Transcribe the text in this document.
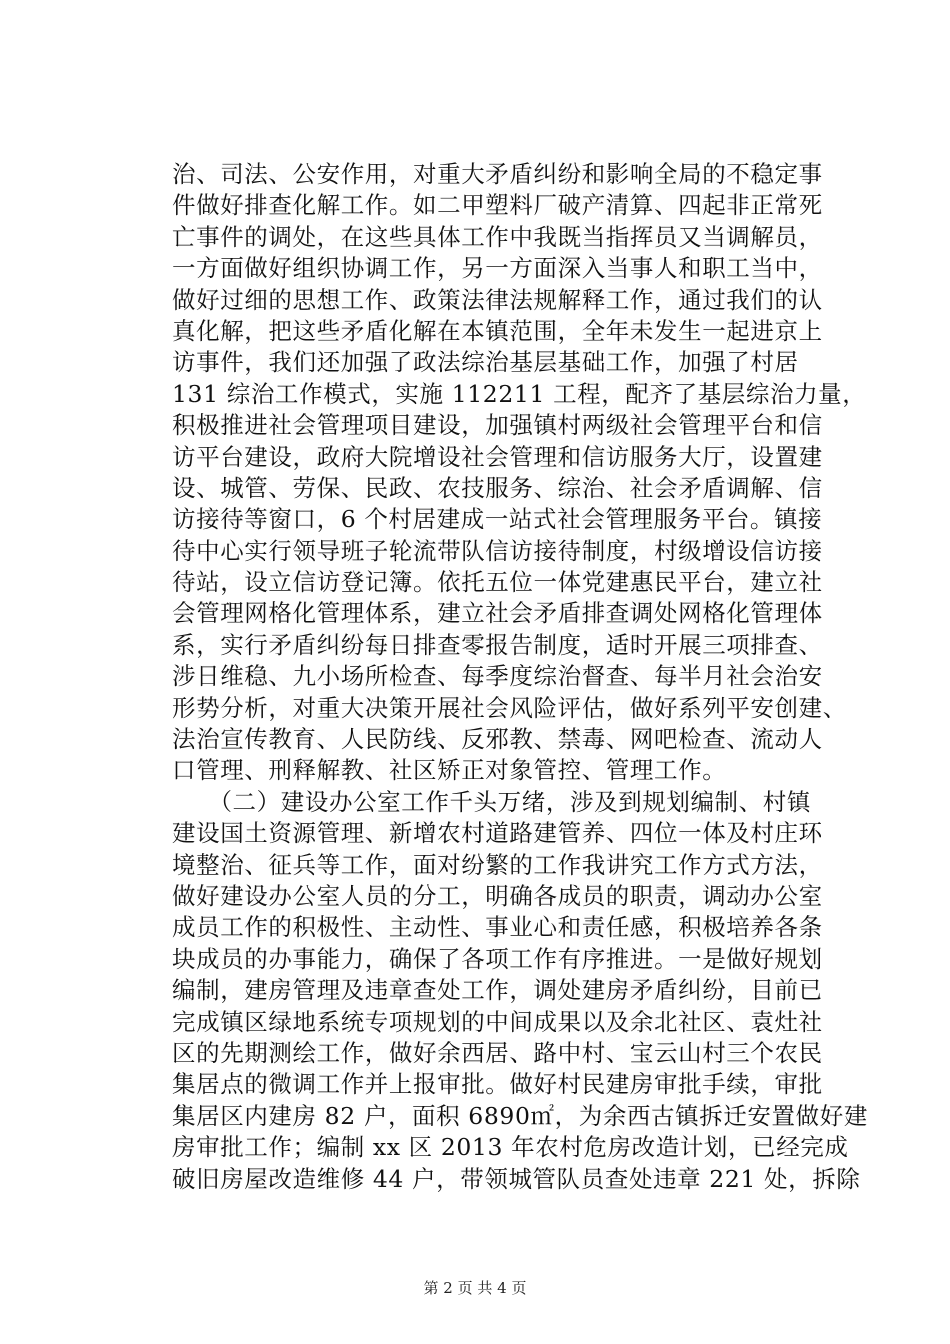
治、司法、公安作用，对重大矛盾纠纷和影响全局的不稳定事
件做好排查化解工作。如二甲塑料厂破产清算、四起非正常死
亡事件的调处，在这些具体工作中我既当指挥员又当调解员，
一方面做好组织协调工作，另一方面深入当事人和职工当中，
做好过细的思想工作、政策法律法规解释工作，通过我们的认
真化解，把这些矛盾化解在本镇范围，全年未发生一起进京上
访事件，我们还加强了政法综治基层基础工作，加强了村居
131 综治工作模式，实施 112211 工程，配齐了基层综治力量，
积极推进社会管理项目建设，加强镇村两级社会管理平台和信
访平台建设，政府大院增设社会管理和信访服务大厅，设置建
设、城管、劳保、民政、农技服务、综治、社会矛盾调解、信
访接待等窗口，6 个村居建成一站式社会管理服务平台。镇接
待中心实行领导班子轮流带队信访接待制度，村级增设信访接
待站，设立信访登记簿。依托五位一体党建惠民平台，建立社
会管理网格化管理体系，建立社会矛盾排查调处网格化管理体
系，实行矛盾纠纷每日排查零报告制度，适时开展三项排查、
涉日维稳、九小场所检查、每季度综治督查、每半月社会治安
形势分析，对重大决策开展社会风险评估，做好系列平安创建、
法治宣传教育、人民防线、反邪教、禁毒、网吧检查、流动人
口管理、刑释解教、社区矫正对象管控、管理工作。
　　（二）建设办公室工作千头万绪，涉及到规划编制、村镇
建设国土资源管理、新增农村道路建管养、四位一体及村庄环
境整治、征兵等工作，面对纷繁的工作我讲究工作方式方法，
做好建设办公室人员的分工，明确各成员的职责，调动办公室
成员工作的积极性、主动性、事业心和责任感，积极培养各条
块成员的办事能力，确保了各项工作有序推进。一是做好规划
编制，建房管理及违章查处工作，调处建房矛盾纠纷，目前已
完成镇区绿地系统专项规划的中间成果以及余北社区、袁灶社
区的先期测绘工作，做好余西居、路中村、宝云山村三个农民
集居点的微调工作并上报审批。做好村民建房审批手续，审批
集居区内建房 82 户，面积 6890㎡，为余西古镇拆迁安置做好建
房审批工作；编制 xx 区 2013 年农村危房改造计划，已经完成
破旧房屋改造维修 44 户，带领城管队员查处违章 221 处，拆除
第 2 页 共 4 页
